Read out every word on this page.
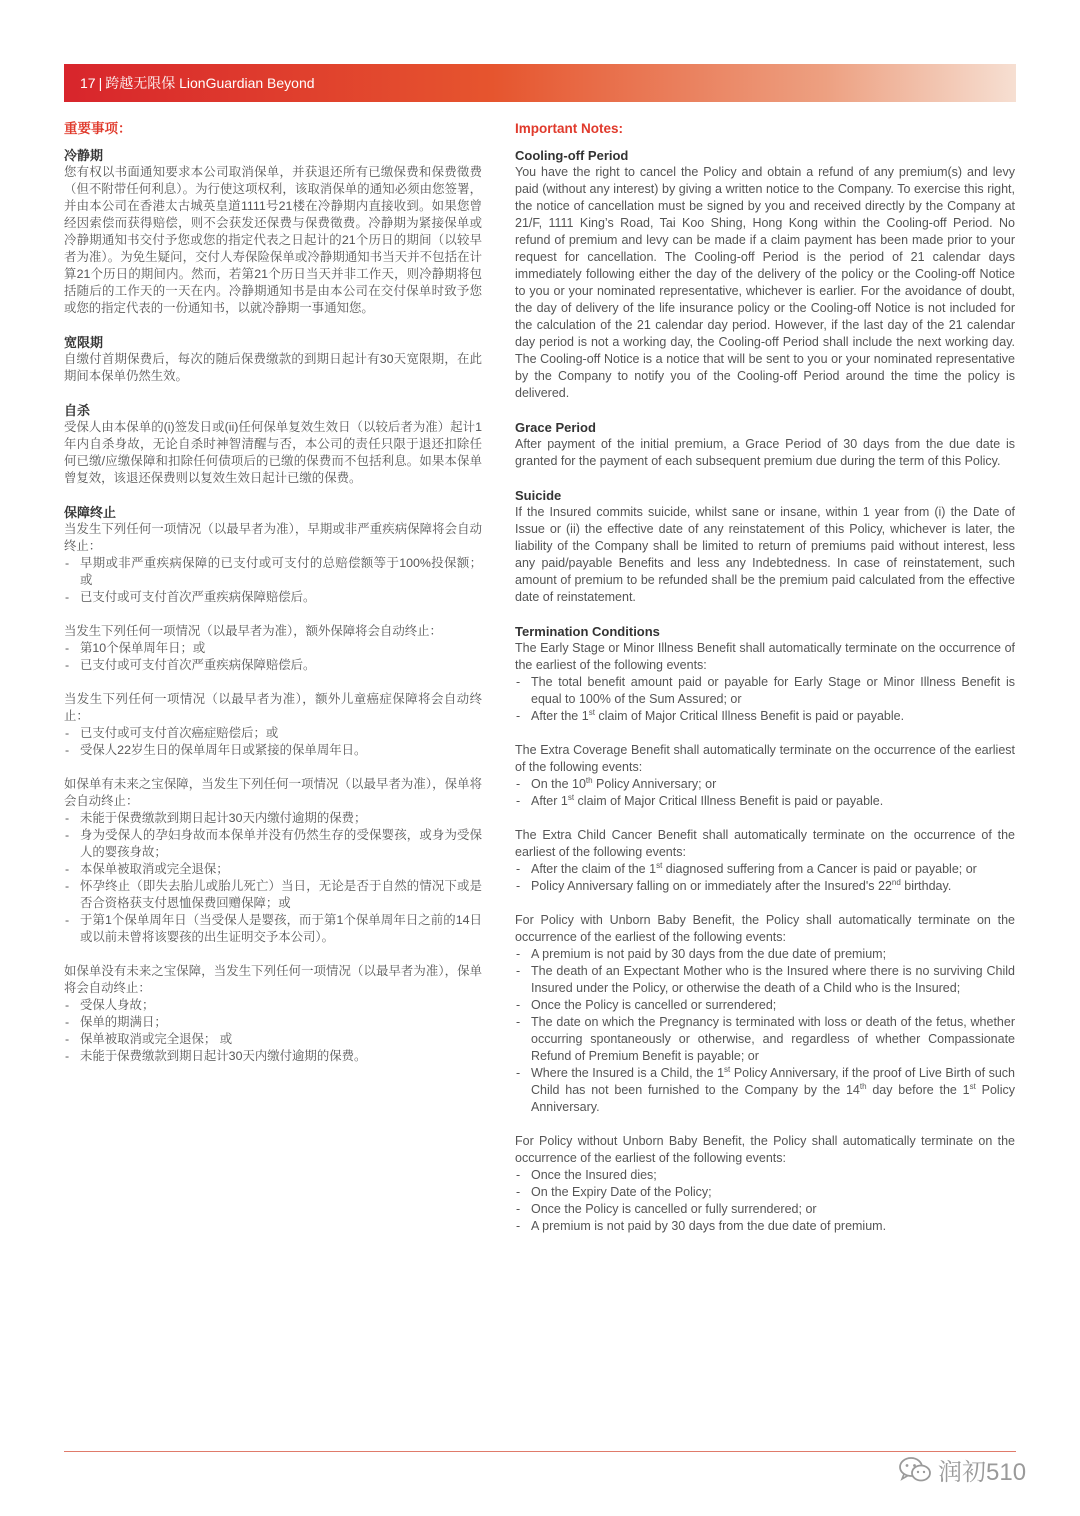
17 | 跨越无限保 LionGuardian Beyond
重要事项：
冷静期

您有权以书面通知要求本公司取消保单，并获退还所有已缴保费和保费徵费（但不附带任何利息）。为行使这项权利，该取消保单的通知必须由您签署，并由本公司在香港太古城英皇道1111号21楼在冷静期内直接收到。如果您曾经因索偿而获得赔偿，则不会获发还保费与保费徵费。冷静期为紧接保单或冷静期通知书交付予您或您的指定代表之日起计的21个历日的期间（以较早者为准）。为免生疑问，交付人寿保险保单或冷静期通知书当天并不包括在计算21个历日的期间内。然而，若第21个历日当天并非工作天，则冷静期将包括随后的工作天的一天在内。冷静期通知书是由本公司在交付保单时致予您或您的指定代表的一份通知书，以就冷静期一事通知您。

宽限期

自缴付首期保费后，每次的随后保费缴款的到期日起计有30天宽限期，在此期间本保单仍然生效。

自杀

受保人由本保单的(i)签发日或(ii)任何保单复效生效日（以较后者为准）起计1年内自杀身故，无论自杀时神智清醒与否，本公司的责任只限于退还扣除任何已缴/应缴保障和扣除任何债项后的已缴的保费而不包括利息。如果本保单曾复效，该退还保费则以复效生效日起计已缴的保费。

保障终止

当发生下列任何一项情况（以最早者为准），早期或非严重疾病保障将会自动终止：

- 早期或非严重疾病保障的已支付或可支付的总赔偿额等于100%投保额；或
- 已支付或可支付首次严重疾病保障赔偿后。

当发生下列任何一项情况（以最早者为准），额外保障将会自动终止：

- 第10个保单周年日；或
- 已支付或可支付首次严重疾病保障赔偿后。

当发生下列任何一项情况（以最早者为准），额外儿童癌症保障将会自动终止：

- 已支付或可支付首次癌症赔偿后；或
- 受保人22岁生日的保单周年日或紧接的保单周年日。

如保单有未来之宝保障，当发生下列任何一项情况（以最早者为准），保单将会自动终止：

- 未能于保费缴款到期日起计30天内缴付逾期的保费；
- 身为受保人的孕妇身故而本保单并没有仍然生存的受保婴孩，或身为受保人的婴孩身故；
- 本保单被取消或完全退保；
- 怀孕终止（即失去胎儿或胎儿死亡）当日，无论是否于自然的情况下或是否合资格获支付恩恤保费回赠保障；或
- 于第1个保单周年日（当受保人是婴孩，而于第1个保单周年日之前的14日或以前未曾将该婴孩的出生证明交予本公司）。

如保单没有未来之宝保障，当发生下列任何一项情况（以最早者为准），保单将会自动终止：

- 受保人身故；
- 保单的期满日；
- 保单被取消或完全退保； 或
- 未能于保费缴款到期日起计30天内缴付逾期的保费。
Important Notes:
Cooling-off Period

You have the right to cancel the Policy and obtain a refund of any premium(s) and levy paid (without any interest) by giving a written notice to the Company. To exercise this right, the notice of cancellation must be signed by you and received directly by the Company at 21/F, 1111 King’s Road, Tai Koo Shing, Hong Kong within the Cooling-off Period. No refund of premium and levy can be made if a claim payment has been made prior to your request for cancellation. The Cooling-off Period is the period of 21 calendar days immediately following either the day of the delivery of the policy or the Cooling-off Notice to you or your nominated representative, whichever is earlier. For the avoidance of doubt, the day of delivery of the life insurance policy or the Cooling-off Notice is not included for the calculation of the 21 calendar day period. However, if the last day of the 21 calendar day period is not a working day, the Cooling-off Period shall include the next working day. The Cooling-off Notice is a notice that will be sent to you or your nominated representative by the Company to notify you of the Cooling-off Period around the time the policy is delivered.

Grace Period

After payment of the initial premium, a Grace Period of 30 days from the due date is granted for the payment of each subsequent premium due during the term of this Policy.

Suicide

If the Insured commits suicide, whilst sane or insane, within 1 year from (i) the Date of Issue or (ii) the effective date of any reinstatement of this Policy, whichever is later, the liability of the Company shall be limited to return of premiums paid without interest, less any paid/payable Benefits and less any Indebtedness. In case of reinstatement, such amount of premium to be refunded shall be the premium paid calculated from the effective date of reinstatement.

Termination Conditions

The Early Stage or Minor Illness Benefit shall automatically terminate on the occurrence of the earliest of the following events:

- The total benefit amount paid or payable for Early Stage or Minor Illness Benefit is equal to 100% of the Sum Assured; or
- After the 1st claim of Major Critical Illness Benefit is paid or payable.

The Extra Coverage Benefit shall automatically terminate on the occurrence of the earliest of the following events:

- On the 10th Policy Anniversary; or
- After 1st claim of Major Critical Illness Benefit is paid or payable.

The Extra Child Cancer Benefit shall automatically terminate on the occurrence of the earliest of the following events:

- After the claim of the 1st diagnosed suffering from a Cancer is paid or payable; or
- Policy Anniversary falling on or immediately after the Insured's 22nd birthday.

For Policy with Unborn Baby Benefit, the Policy shall automatically terminate on the occurrence of the earliest of the following events:

- A premium is not paid by 30 days from the due date of premium;
- The death of an Expectant Mother who is the Insured where there is no surviving Child Insured under the Policy, or otherwise the death of a Child who is the Insured;
- Once the Policy is cancelled or surrendered;
- The date on which the Pregnancy is terminated with loss or death of the fetus, whether occurring spontaneously or otherwise, and regardless of whether Compassionate Refund of Premium Benefit is payable; or
- Where the Insured is a Child, the 1st Policy Anniversary, if the proof of Live Birth of such Child has not been furnished to the Company by the 14th day before the 1st Policy Anniversary.

For Policy without Unborn Baby Benefit, the Policy shall automatically terminate on the occurrence of the earliest of the following events:

- Once the Insured dies;
- On the Expiry Date of the Policy;
- Once the Policy is cancelled or fully surrendered; or
- A premium is not paid by 30 days from the due date of premium.
润初510
